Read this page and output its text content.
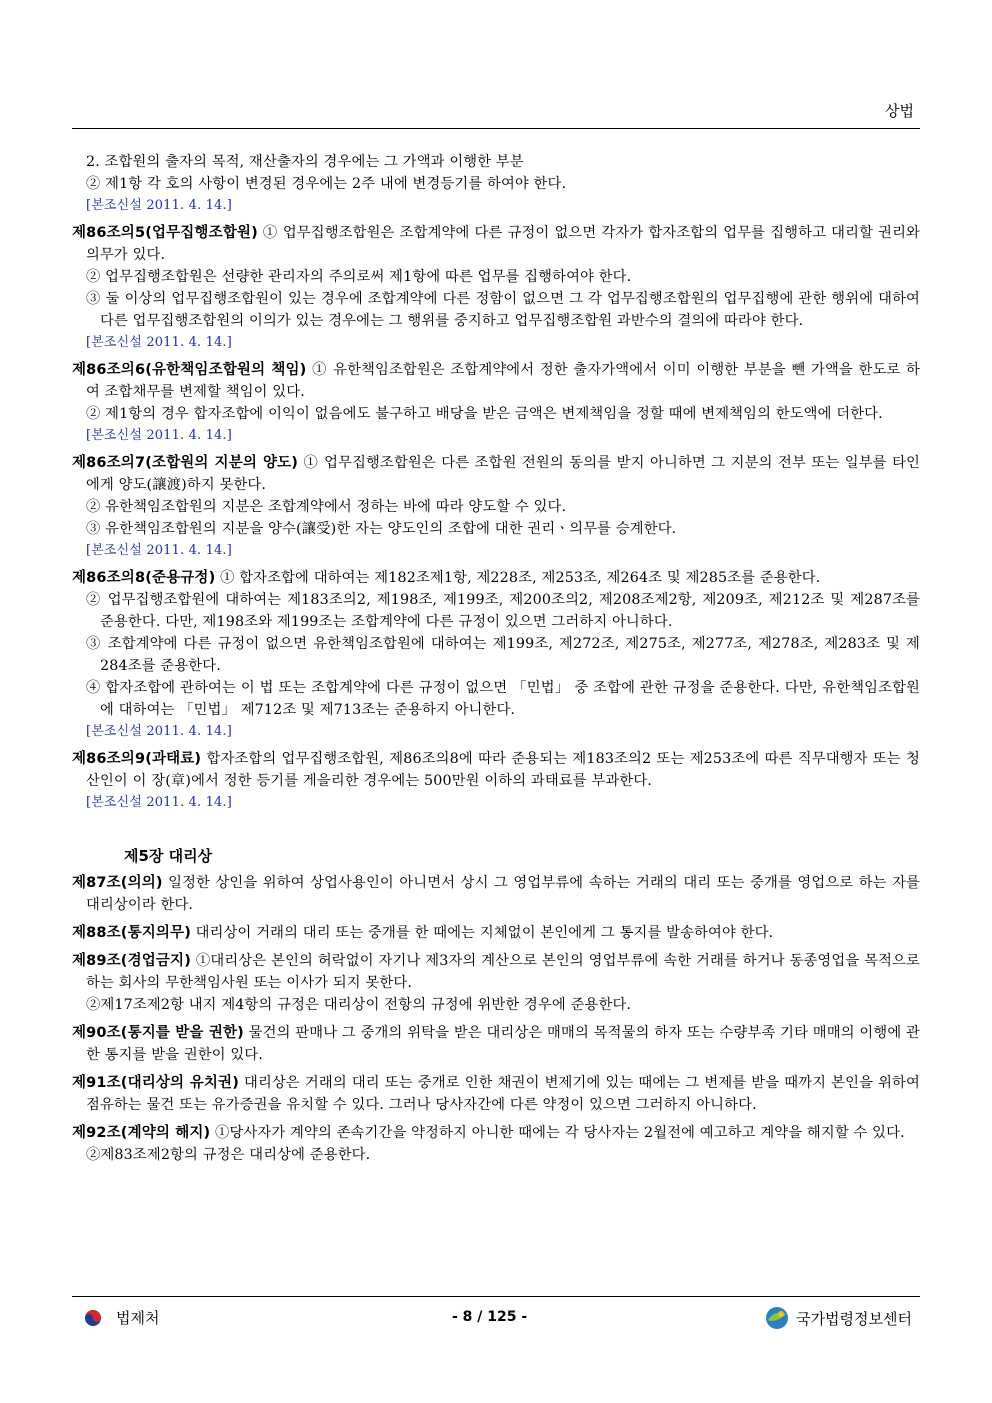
상법

2. 조합원의 출자의 목적, 재산출자의 경우에는 그 가액과 이행한 부분

② 제1항 각 호의 사항이 변경된 경우에는 2주 내에 변경등기를 하여야 한다.

[본조신설 2011. 4. 14.]

제86조의5(업무집행조합원) ① 업무집행조합원은 조합계약에 다른 규정이 없으면 각자가 합자조합의 업무를 집행하고 대리할 권리와 의무가 있다.

② 업무집행조합원은 선량한 관리자의 주의로써 제1항에 따른 업무를 집행하여야 한다.

③ 둘 이상의 업무집행조합원이 있는 경우에 조합계약에 다른 정함이 없으면 그 각 업무집행조합원의 업무집행에 관한 행위에 대하여 다른 업무집행조합원의 이의가 있는 경우에는 그 행위를 중지하고 업무집행조합원 과반수의 결의에 따라야 한다.

[본조신설 2011. 4. 14.]

제86조의6(유한책임조합원의 책임) ① 유한책임조합원은 조합계약에서 정한 출자가액에서 이미 이행한 부분을 뺀 가액을 한도로 하여 조합채무를 변제할 책임이 있다.

② 제1항의 경우 합자조합에 이익이 없음에도 불구하고 배당을 받은 금액은 변제책임을 정할 때에 변제책임의 한도액에 더한다.

[본조신설 2011. 4. 14.]

제86조의7(조합원의 지분의 양도) ① 업무집행조합원은 다른 조합원 전원의 동의를 받지 아니하면 그 지분의 전부 또는 일부를 타인에게 양도(讓渡)하지 못한다.

② 유한책임조합원의 지분은 조합계약에서 정하는 바에 따라 양도할 수 있다.

③ 유한책임조합원의 지분을 양수(讓受)한 자는 양도인의 조합에 대한 권리ㆍ의무를 승계한다.

[본조신설 2011. 4. 14.]

제86조의8(준용규정) ① 합자조합에 대하여는 제182조제1항, 제228조, 제253조, 제264조 및 제285조를 준용한다.

② 업무집행조합원에 대하여는 제183조의2, 제198조, 제199조, 제200조의2, 제208조제2항, 제209조, 제212조 및 제287조를 준용한다. 다만, 제198조와 제199조는 조합계약에 다른 규정이 있으면 그러하지 아니하다.

③ 조합계약에 다른 규정이 없으면 유한책임조합원에 대하여는 제199조, 제272조, 제275조, 제277조, 제278조, 제283조 및 제284조를 준용한다.

④ 합자조합에 관하여는 이 법 또는 조합계약에 다른 규정이 없으면 「민법」 중 조합에 관한 규정을 준용한다. 다만, 유한책임조합원에 대하여는 「민법」 제712조 및 제713조는 준용하지 아니한다.

[본조신설 2011. 4. 14.]

제86조의9(과태료) 합자조합의 업무집행조합원, 제86조의8에 따라 준용되는 제183조의2 또는 제253조에 따른 직무대행자 또는 청산인이 이 장(章)에서 정한 등기를 게을리한 경우에는 500만원 이하의 과태료를 부과한다.

[본조신설 2011. 4. 14.]

제5장 대리상

제87조(의의) 일정한 상인을 위하여 상업사용인이 아니면서 상시 그 영업부류에 속하는 거래의 대리 또는 중개를 영업으로 하는 자를 대리상이라 한다.

제88조(통지의무) 대리상이 거래의 대리 또는 중개를 한 때에는 지체없이 본인에게 그 통지를 발송하여야 한다.

제89조(경업금지) ①대리상은 본인의 허락없이 자기나 제3자의 계산으로 본인의 영업부류에 속한 거래를 하거나 동종영업을 목적으로 하는 회사의 무한책임사원 또는 이사가 되지 못한다.

②제17조제2항 내지 제4항의 규정은 대리상이 전항의 규정에 위반한 경우에 준용한다.

제90조(통지를 받을 권한) 물건의 판매나 그 중개의 위탁을 받은 대리상은 매매의 목적물의 하자 또는 수량부족 기타 매매의 이행에 관한 통지를 받을 권한이 있다.

제91조(대리상의 유치권) 대리상은 거래의 대리 또는 중개로 인한 채권이 변제기에 있는 때에는 그 변제를 받을 때까지 본인을 위하여 점유하는 물건 또는 유가증권을 유치할 수 있다. 그러나 당사자간에 다른 약정이 있으면 그러하지 아니하다.

제92조(계약의 해지) ①당사자가 계약의 존속기간을 약정하지 아니한 때에는 각 당사자는 2월전에 예고하고 계약을 해지할 수 있다.

②제83조제2항의 규정은 대리상에 준용한다.

법제처	- 8 / 125 -	국가법령정보센터
